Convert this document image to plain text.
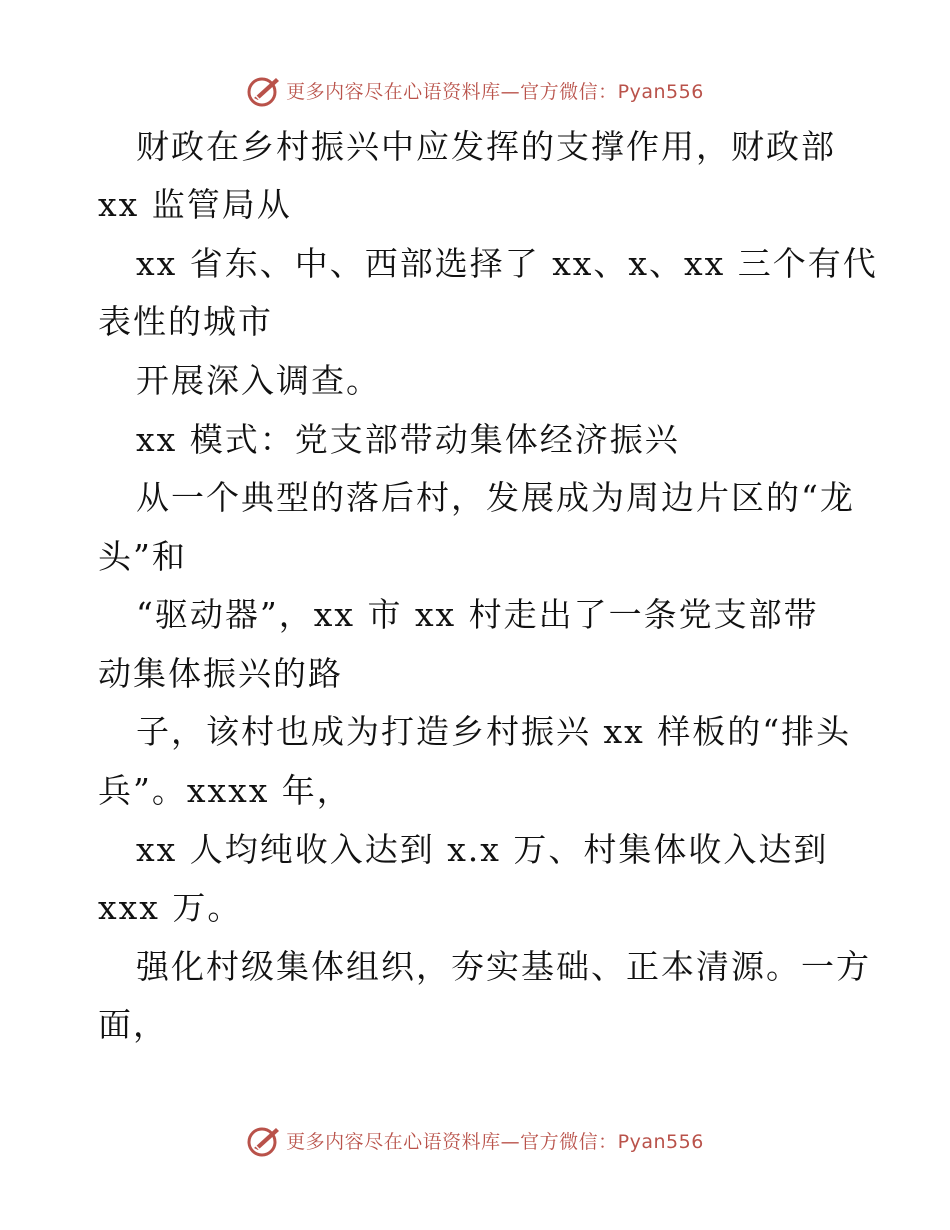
更多内容尽在心语资料库—官方微信：Pyan556
财政在乡村振兴中应发挥的支撑作用，财政部
xx 监管局从
xx 省东、中、西部选择了 xx、x、xx 三个有代
表性的城市
开展深入调查。
xx 模式：党支部带动集体经济振兴
从一个典型的落后村，发展成为周边片区的“龙
头”和
“驱动器”，xx 市 xx 村走出了一条党支部带
动集体振兴的路
子，该村也成为打造乡村振兴 xx 样板的“排头
兵”。xxxx 年，
xx 人均纯收入达到 x.x 万、村集体收入达到
xxx 万。
强化村级集体组织，夯实基础、正本清源。一方
面，
更多内容尽在心语资料库—官方微信：Pyan556
